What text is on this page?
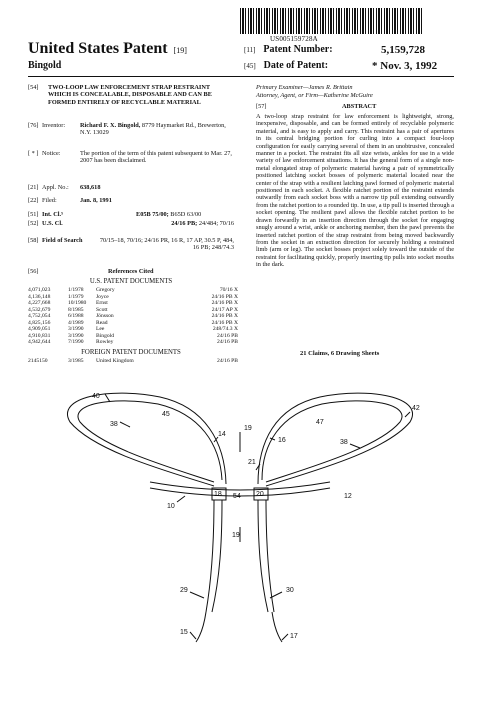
US005159728A
United States Patent [19]
Bingold
[11] Patent Number:	5,159,728
[45] Date of Patent:	* Nov. 3, 1992
[54] TWO-LOOP LAW ENFORCEMENT STRAP RESTRAINT WHICH IS CONCEALABLE, DISPOSABLE AND CAN BE FORMED ENTIRELY OF RECYCLABLE MATERIAL
[76] Inventor: Richard F. X. Bingold, 8779 Haymarket Rd., Brewerton, N.Y. 13029
[ * ] Notice:	The portion of the term of this patent subsequent to Mar. 27, 2007 has been disclaimed.
[21] Appl. No.: 638,618
[22] Filed:	Jan. 8, 1991
[51] Int. Cl.⁵	E05B 75/00; B65D 63/00
[52] U.S. Cl.	24/16 PB; 24/484; 70/16
[58] Field of Search	70/15–18, 70/16; 24/16 PR, 16 R, 17 AP, 30.5 P, 484, 16 PB; 248/74.3
[56]	References Cited
U.S. PATENT DOCUMENTS
4,071,023	1/1978 Gregory	70/16 X
4,136,148	1/1979 Joyce	24/16 PB X
4,227,668	10/1980 Ernst	24/16 PB X
4,532,679	8/1985 Scott	24/17 AP X
4,752,054	6/1988 Jönsson	24/16 PB X
4,825,156	4/1989 Read	24/16 PB X
4,909,051	3/1990 Lee	248/74.3 X
4,910,831	3/1990 Bingold	24/16 PB
4,942,644	7/1990 Rowley	24/16 PB
FOREIGN PATENT DOCUMENTS
2145150	3/1985 United Kingdom	24/16 PB
Primary Examiner—James R. Brittain
Attorney, Agent, or Firm—Katherine McGuire
[57]	ABSTRACT
A two-loop strap restraint for law enforcement is lightweight, strong, inexpensive, disposable, and can be formed entirely of recyclable polymeric material, and is easy to apply and carry. This restraint has a pair of apertures in its central bridging portion for curling into a compact four-loop configuration for easily carrying several of them in an unobtrusive, concealed manner in a pocket. The restraint fits all size wrists, ankles for use in a wide variety of law enforcement situations. It has the general form of a single non-metal elongated strap of polymeric material having a pair of symmetrically positioned latching socket bosses of polymeric material located near the center of the strap with a resilient latching pawl formed of polymeric material positioned in each socket. A flexible ratchet portion of the restraint extends outwardly from each socket boss with a narrow tip pull extending outwardly from the ratchet portion to a rounded tip. In use, a tip pull is inserted through a socket opening. The resilient pawl allows the flexible ratchet portion to be drawn forwardly in an insertion direction through the socket for engaging snugly around a wrist, ankle or anchoring member, then the pawl prevents the inserted ratchet portion of the strap restraint from being moved backwardly from the socket in an extraction direction for securely holding a restrained limb (arm or leg). The socket bosses project solely toward the outside of the restraint for facilitating quickly, properly inserting tip pulls into socket mouths in the dark.
21 Claims, 6 Drawing Sheets
19
40
38
45
14
16
47
42
38
12
21
18 54 20
10
19
29	30
15
17
